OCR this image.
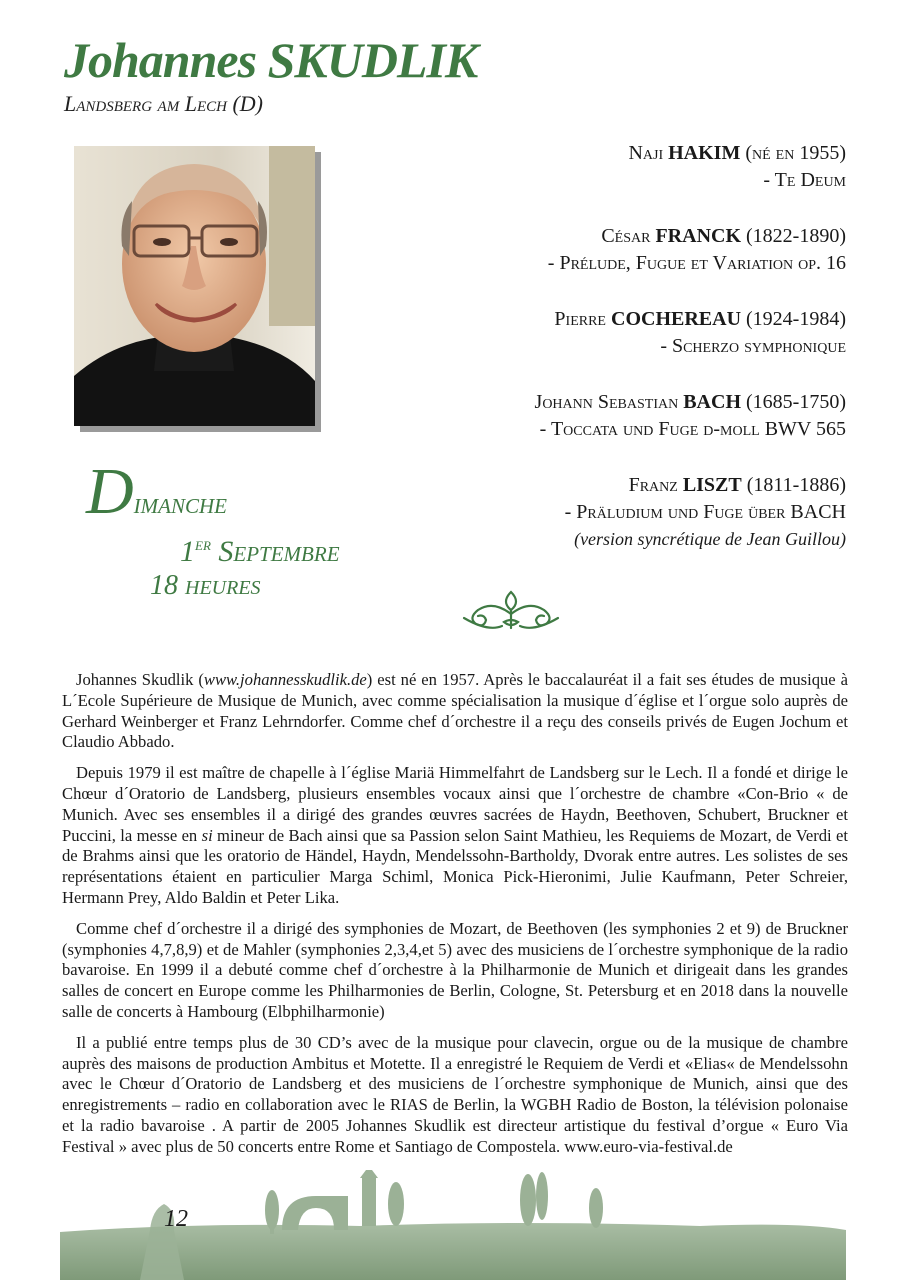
Johannes SKUDLIK

Landsberg am Lech (D)

Naji HAKIM (né en 1955)
- Te Deum
César FRANCK (1822-1890)
- Prélude, Fugue et Variation op. 16
Pierre COCHEREAU (1924-1984)
- Scherzo symphonique
Johann Sebastian BACH (1685-1750)
- Toccata und Fuge d-moll BWV 565
Franz LISZT (1811-1886)
- Präludium und Fuge über BACH
(version syncrétique de Jean Guillou)
Dimanche
1er Septembre
18 heures

Johannes Skudlik (www.johannesskudlik.de) est né en 1957. Après le baccalauréat il a fait ses études de musique à L´Ecole Supérieure de Musique de Munich, avec comme spécialisation la musique d´église et l´orgue solo auprès de Gerhard Weinberger et Franz Lehrndorfer. Comme chef d´orchestre il a reçu des conseils privés de Eugen Jochum et Claudio Abbado.

Depuis 1979 il est maître de chapelle à l´église Mariä Himmelfahrt de Landsberg sur le Lech. Il a fondé et dirige le Chœur d´Oratorio de Landsberg, plusieurs ensembles vocaux ainsi que l´orchestre de chambre «Con-Brio « de Munich. Avec ses ensembles il a dirigé des grandes œuvres sacrées de Haydn, Beethoven, Schubert, Bruckner et Puccini, la messe en si mineur de Bach ainsi que sa Passion selon Saint Mathieu, les Requiems de Mozart, de Verdi et de Brahms ainsi que les oratorio de Händel, Haydn, Mendelssohn-Bartholdy, Dvorak entre autres. Les solistes de ses représentations étaient en particulier Marga Schiml, Monica Pick-Hieronimi, Julie Kaufmann, Peter Schreier, Hermann Prey, Aldo Baldin et Peter Lika.

Comme chef d´orchestre il a dirigé des symphonies de Mozart, de Beethoven (les symphonies 2 et 9) de Bruckner (symphonies 4,7,8,9) et de Mahler (symphonies 2,3,4,et 5) avec des musiciens de l´orchestre symphonique de la radio bavaroise. En 1999 il a debuté comme chef d´orchestre à la Philharmonie de Munich et dirigeait dans les grandes salles de concert en Europe comme les Philharmonies de Berlin, Cologne, St. Petersburg et en 2018 dans la nouvelle salle de concerts à Hambourg (Elbphilharmonie)

Il a publié entre temps plus de 30 CD’s avec de la musique pour clavecin, orgue ou de la musique de chambre auprès des maisons de production Ambitus et Motette. Il a enregistré le Requiem de Verdi et «Elias« de Mendelssohn avec le Chœur d´Oratorio de Landsberg et des musiciens de l´orchestre symphonique de Munich, ainsi que des enregistrements – radio en collaboration avec le RIAS de Berlin, la WGBH Radio de Boston, la télévision polonaise et la radio bavaroise . A partir de 2005 Johannes Skudlik est directeur artistique du festival d’orgue « Euro Via Festival » avec plus de 50 concerts entre Rome et Santiago de Compostela. www.euro-via-festival.de

12
